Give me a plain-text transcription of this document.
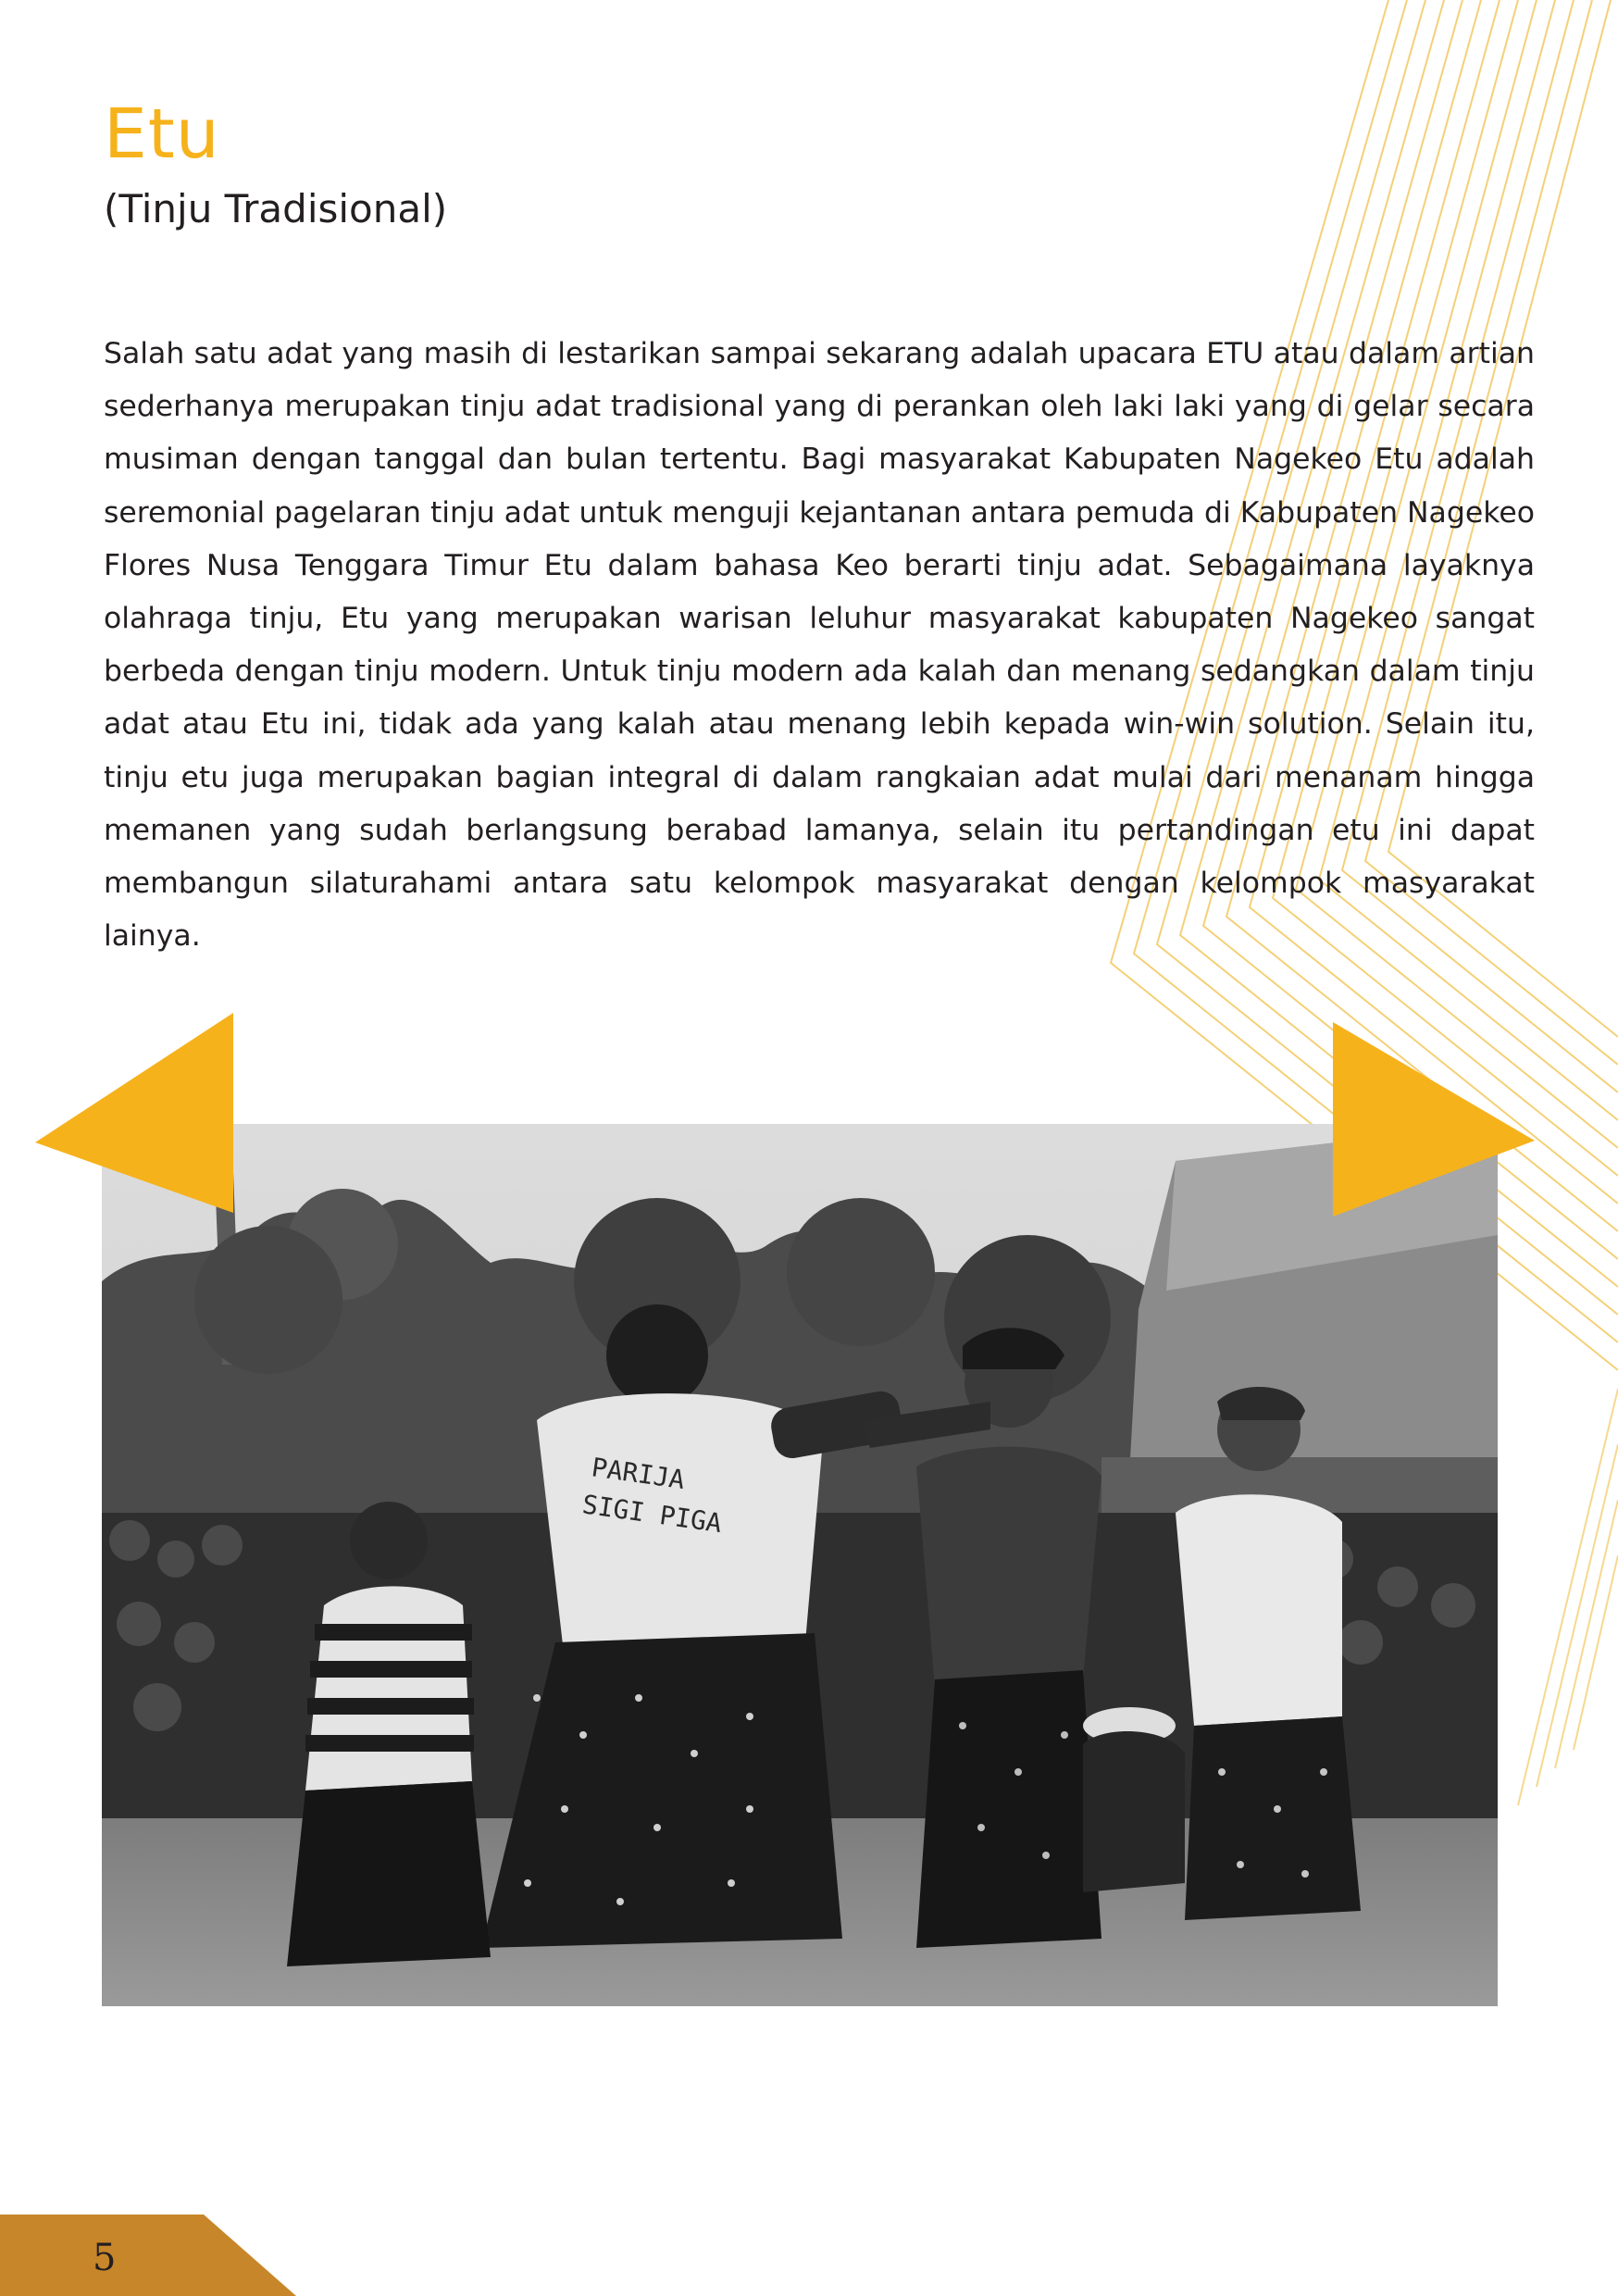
Etu
(Tinju Tradisional)

Salah satu adat yang masih di lestarikan sampai sekarang adalah upacara ETU atau dalam artian sederhanya merupakan tinju adat tradisional yang di perankan oleh laki laki yang di gelar secara musiman dengan tanggal dan bulan tertentu. Bagi masyarakat Kabupaten Nagekeo Etu adalah seremonial pagelaran tinju adat untuk menguji kejantanan antara pemuda di Kabupaten Nagekeo Flores Nusa Tenggara Timur Etu dalam bahasa Keo berarti tinju adat. Sebagaimana layaknya olahraga tinju, Etu yang merupakan warisan leluhur masyarakat kabupaten Nagekeo sangat berbeda dengan tinju modern. Untuk tinju modern ada kalah dan menang sedangkan dalam tinju adat atau Etu ini, tidak ada yang kalah atau menang lebih kepada win-win solution. Selain itu, tinju etu juga merupakan bagian integral di dalam rangkaian adat mulai dari menanam hingga memanen yang sudah berlangsung berabad lamanya, selain itu pertandingan etu ini dapat membangun silaturahami antara satu kelompok masyarakat dengan kelompok masyarakat lainya.

PARIJA
SIGI PIGA
5
